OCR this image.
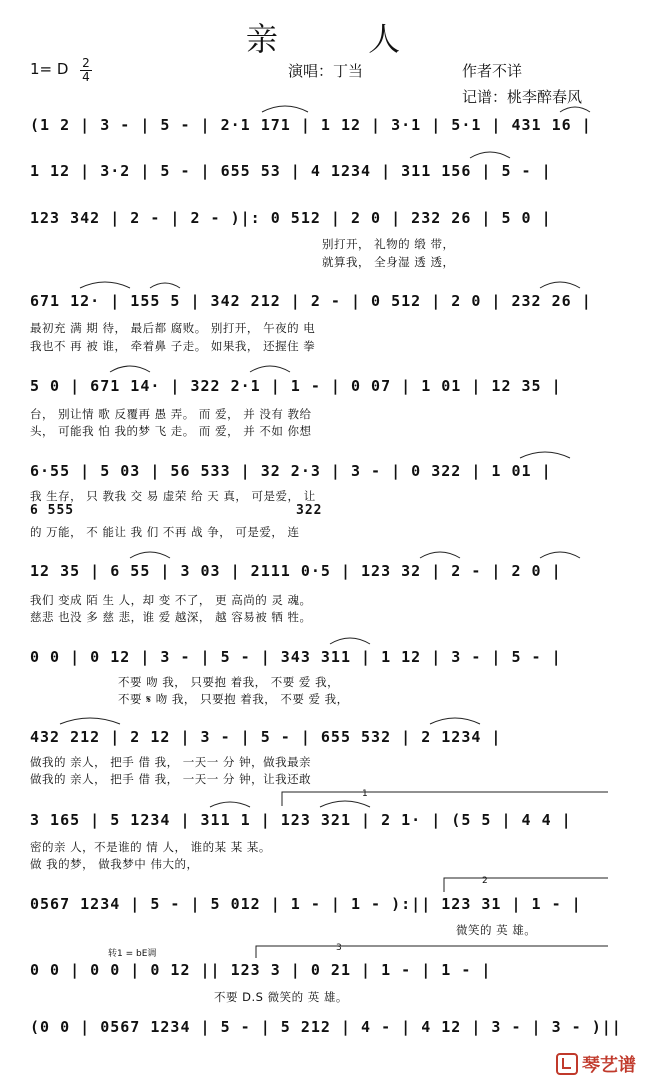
亲 人
1= D 2
4	演唱：丁当	作者不详
记谱：桃李醉春风
(1 2 | 3 - | 5 - | 2·1 171 | 1 12 | 3·1 | 5·1 | 431 16 |
1 12 | 3·2 | 5 - | 655 53 | 4 1234 | 311 156 | 5 - |
123 342 | 2 - | 2 - )|: 0 512 | 2 0 | 232 26 | 5 0 |
别打开， 礼物的 缎 带，
就算我， 全身湿 透 透，
671 12· | 155 5 | 342 212 | 2 - | 0 512 | 2 0 | 232 26 |
最初充 满 期 待， 最后都 腐败。 别打开， 午夜的 电
我也不 再 被 谁， 牵着鼻 子走。 如果我， 还握住 拳
5 0 | 671 14· | 322 2·1 | 1 - | 0 07 | 1 01 | 12 35 |
台， 别让情 歌 反覆再 愚 弄。 而 爱， 并 没有 教给
头， 可能我 怕 我的梦 飞 走。 而 爱， 并 不如 你想
6·55 | 5 03 | 56 533 | 32 2·3 | 3 - | 0 322 | 1 01 |
我 生存， 只 教我 交 易 虚荣 给 天 真， 可是爱， 让
6 555	322
的 万能， 不 能让 我 们 不再 战 争， 可是爱， 连
12 35 | 6 55 | 3 03 | 2111 0·5 | 123 32 | 2 - | 2 0 |
我们 变成 陌 生 人，却 变 不了， 更 高尚的 灵 魂。
慈悲 也没 多 慈 悲，谁 爱 越深， 越 容易被 牺 牲。
0 0 | 0 12 | 3 - | 5 - | 343 311 | 1 12 | 3 - | 5 - |
不要 吻 我， 只要抱 着我， 不要 爱 我，
不要 𝄋 吻 我， 只要抱 着我， 不要 爱 我，
432 212 | 2 12 | 3 - | 5 - | 655 532 | 2 1234 |
做我的 亲人， 把手 借 我， 一天一 分 钟，做我最亲
做我的 亲人， 把手 借 我， 一天一 分 钟，让我还敢
1
3 165 | 5 1234 | 311 1 | 123 321 | 2 1· | (5 5 | 4 4 |
密的亲 人，不是谁的 情 人， 谁的某 某 某。
做 我的梦， 做我梦中 伟大的，
2
0567 1234 | 5 - | 5 012 | 1 - | 1 - ):|| 123 31 | 1 - |
微笑的 英 雄。
转1 = bE调
3
0 0 | 0 0 | 0 12 || 123 3 | 0 21 | 1 - | 1 - |
不要 D.S 微笑的 英 雄。
(0 0 | 0567 1234 | 5 - | 5 212 | 4 - | 4 12 | 3 - | 3 - )||
琴艺谱
